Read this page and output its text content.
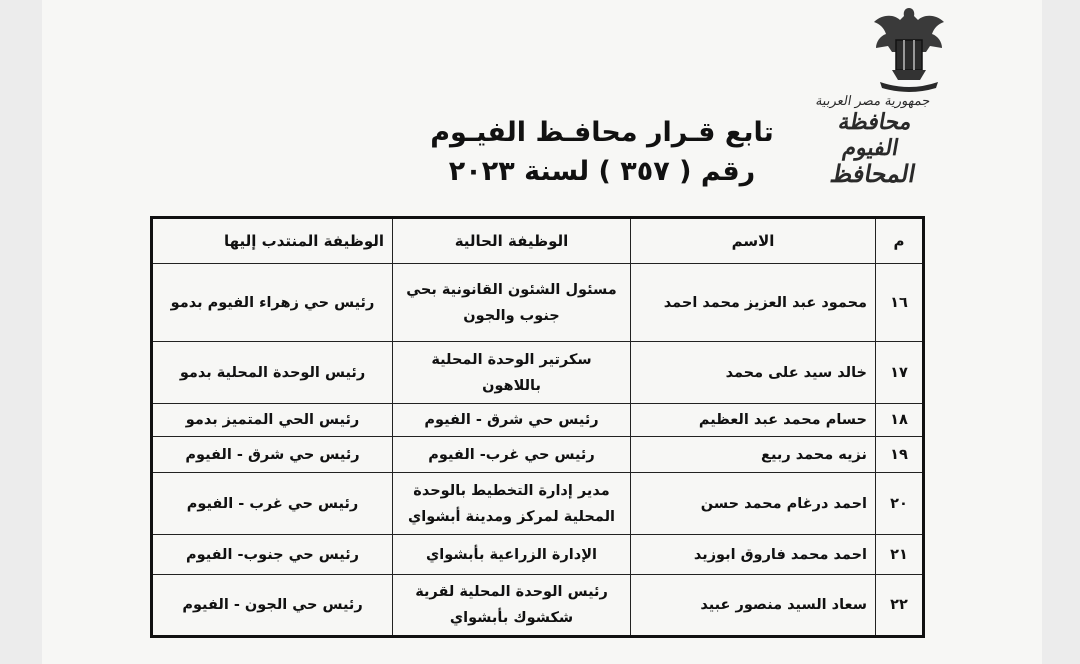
جمهورية مصر العربية
محافظة الفيوم
المحافظ
تابع قـرار محافـظ الفيـوم
رقم ( ٣٥٧ ) لسنة ٢٠٢٣
م	الاسم	الوظيفة الحالية	الوظيفة المنتدب إليها
١٦	محمود عبد العزيز محمد احمد	مسئول الشئون القانونية بحي جنوب والجون	رئيس حي زهراء الفيوم بدمو
١٧	خالد سيد على محمد	سكرتير الوحدة المحلية باللاهون	رئيس الوحدة المحلية بدمو
١٨	حسام محمد عبد العظيم	رئيس حي شرق - الفيوم	رئيس الحي المتميز بدمو
١٩	نزيه محمد ربيع	رئيس حي غرب- الفيوم	رئيس حي شرق - الفيوم
٢٠	احمد درغام محمد حسن	مدير إدارة التخطيط بالوحدة المحلية لمركز ومدينة أبشواي	رئيس حي غرب - الفيوم
٢١	احمد محمد فاروق ابوزيد	الإدارة الزراعية بأبشواي	رئيس حي جنوب- الفيوم
٢٢	سعاد السيد منصور عبيد	رئيس الوحدة المحلية لقرية شكشوك بأبشواي	رئيس حي الجون - الفيوم
